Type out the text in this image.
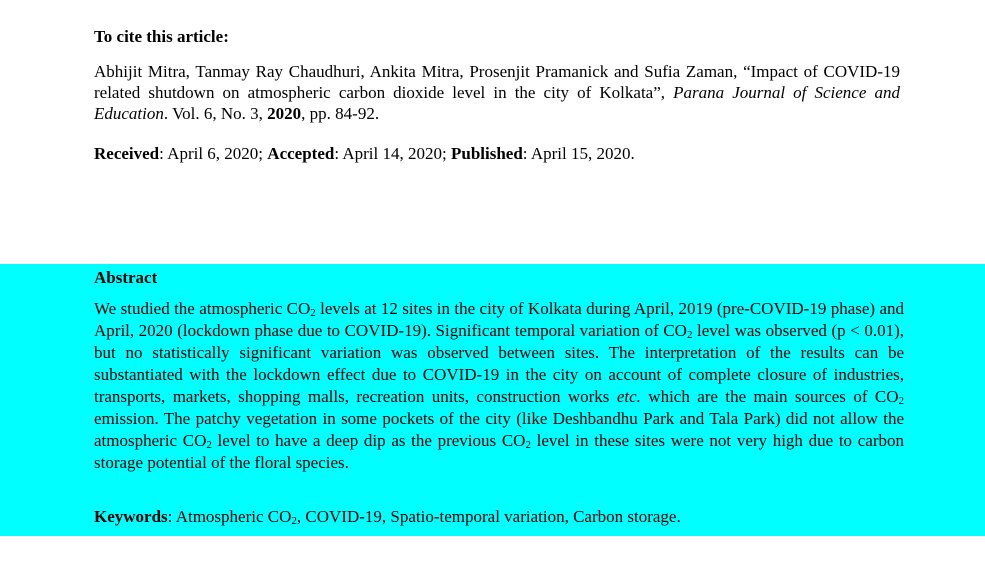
To cite this article:

Abhijit Mitra, Tanmay Ray Chaudhuri, Ankita Mitra, Prosenjit Pramanick and Sufia Zaman, “Impact of COVID-19 related shutdown on atmospheric carbon dioxide level in the city of Kolkata”, Parana Journal of Science and Education. Vol. 6, No. 3, 2020, pp. 84-92.

Received: April 6, 2020; Accepted: April 14, 2020; Published: April 15, 2020.

Abstract

We studied the atmospheric $CO_2$ levels at 12 sites in the city of Kolkata during April, 2019 (pre-COVID-19 phase) and April, 2020 (lockdown phase due to COVID-19). Significant temporal variation of $CO_2$ level was observed (p < 0.01), but no statistically significant variation was observed between sites. The interpretation of the results can be substantiated with the lockdown effect due to COVID-19 in the city on account of complete closure of industries, transports, markets, shopping malls, recreation units, construction works etc. which are the main sources of $CO_2$ emission. The patchy vegetation in some pockets of the city (like Deshbandhu Park and Tala Park) did not allow the atmospheric $CO_2$ level to have a deep dip as the previous $CO_2$ level in these sites were not very high due to carbon storage potential of the floral species.

Keywords: Atmospheric $CO_2$, COVID-19, Spatio-temporal variation, Carbon storage.
